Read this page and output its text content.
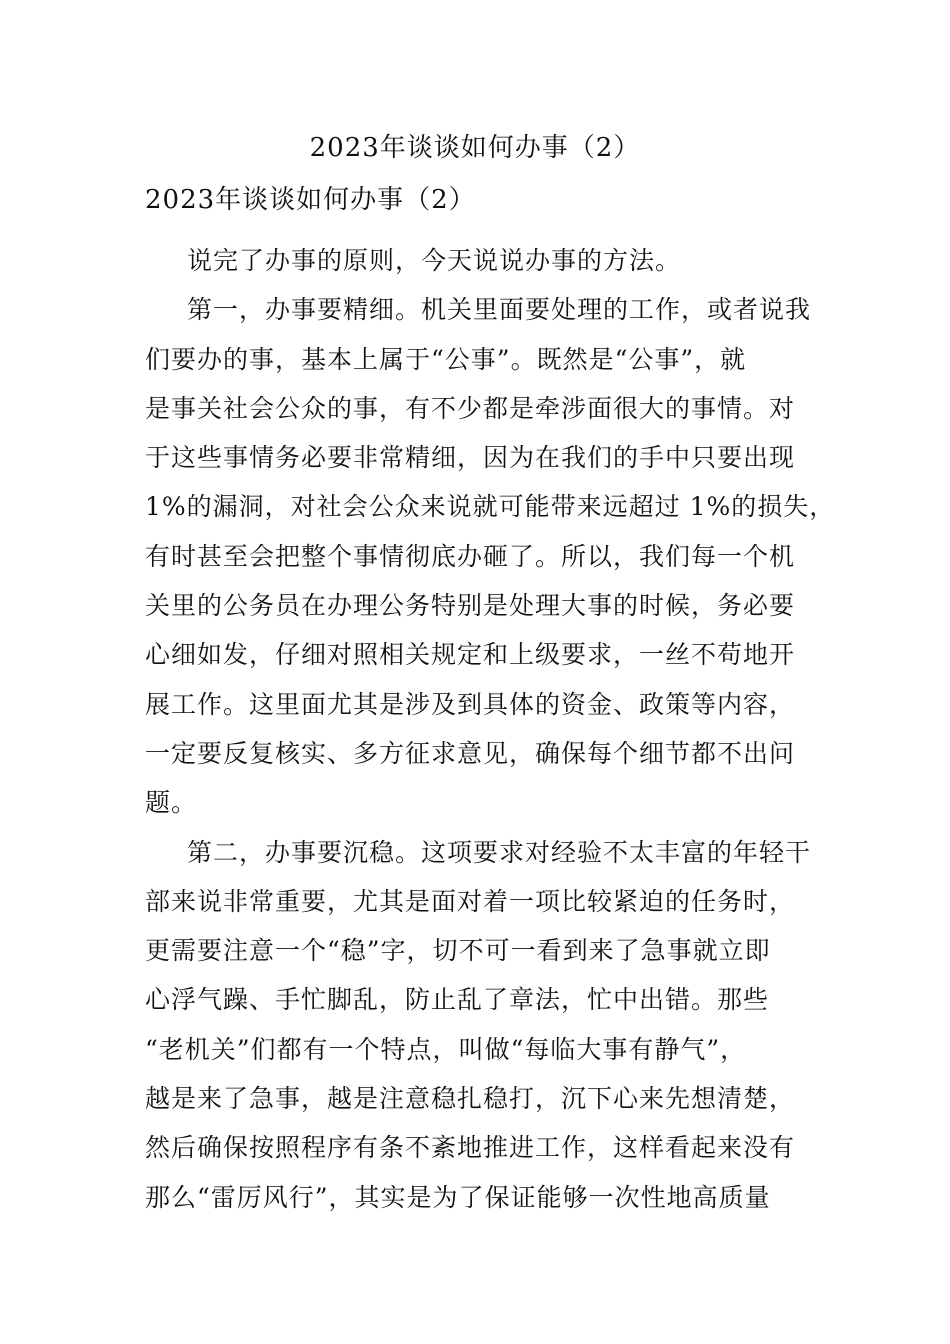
2023年谈谈如何办事（2）
2023年谈谈如何办事（2）

说完了办事的原则，今天说说办事的方法。

第一，办事要精细。机关里面要处理的工作，或者说我
们要办的事，基本上属于“公事”。既然是“公事”，就
是事关社会公众的事，有不少都是牵涉面很大的事情。对
于这些事情务必要非常精细，因为在我们的手中只要出现
1%的漏洞，对社会公众来说就可能带来远超过 1%的损失，
有时甚至会把整个事情彻底办砸了。所以，我们每一个机
关里的公务员在办理公务特别是处理大事的时候，务必要
心细如发，仔细对照相关规定和上级要求，一丝不苟地开
展工作。这里面尤其是涉及到具体的资金、政策等内容，
一定要反复核实、多方征求意见，确保每个细节都不出问
题。

第二，办事要沉稳。这项要求对经验不太丰富的年轻干
部来说非常重要，尤其是面对着一项比较紧迫的任务时，
更需要注意一个“稳”字，切不可一看到来了急事就立即
心浮气躁、手忙脚乱，防止乱了章法，忙中出错。那些
“老机关”们都有一个特点，叫做“每临大事有静气”，
越是来了急事，越是注意稳扎稳打，沉下心来先想清楚，
然后确保按照程序有条不紊地推进工作，这样看起来没有
那么“雷厉风行”，其实是为了保证能够一次性地高质量
